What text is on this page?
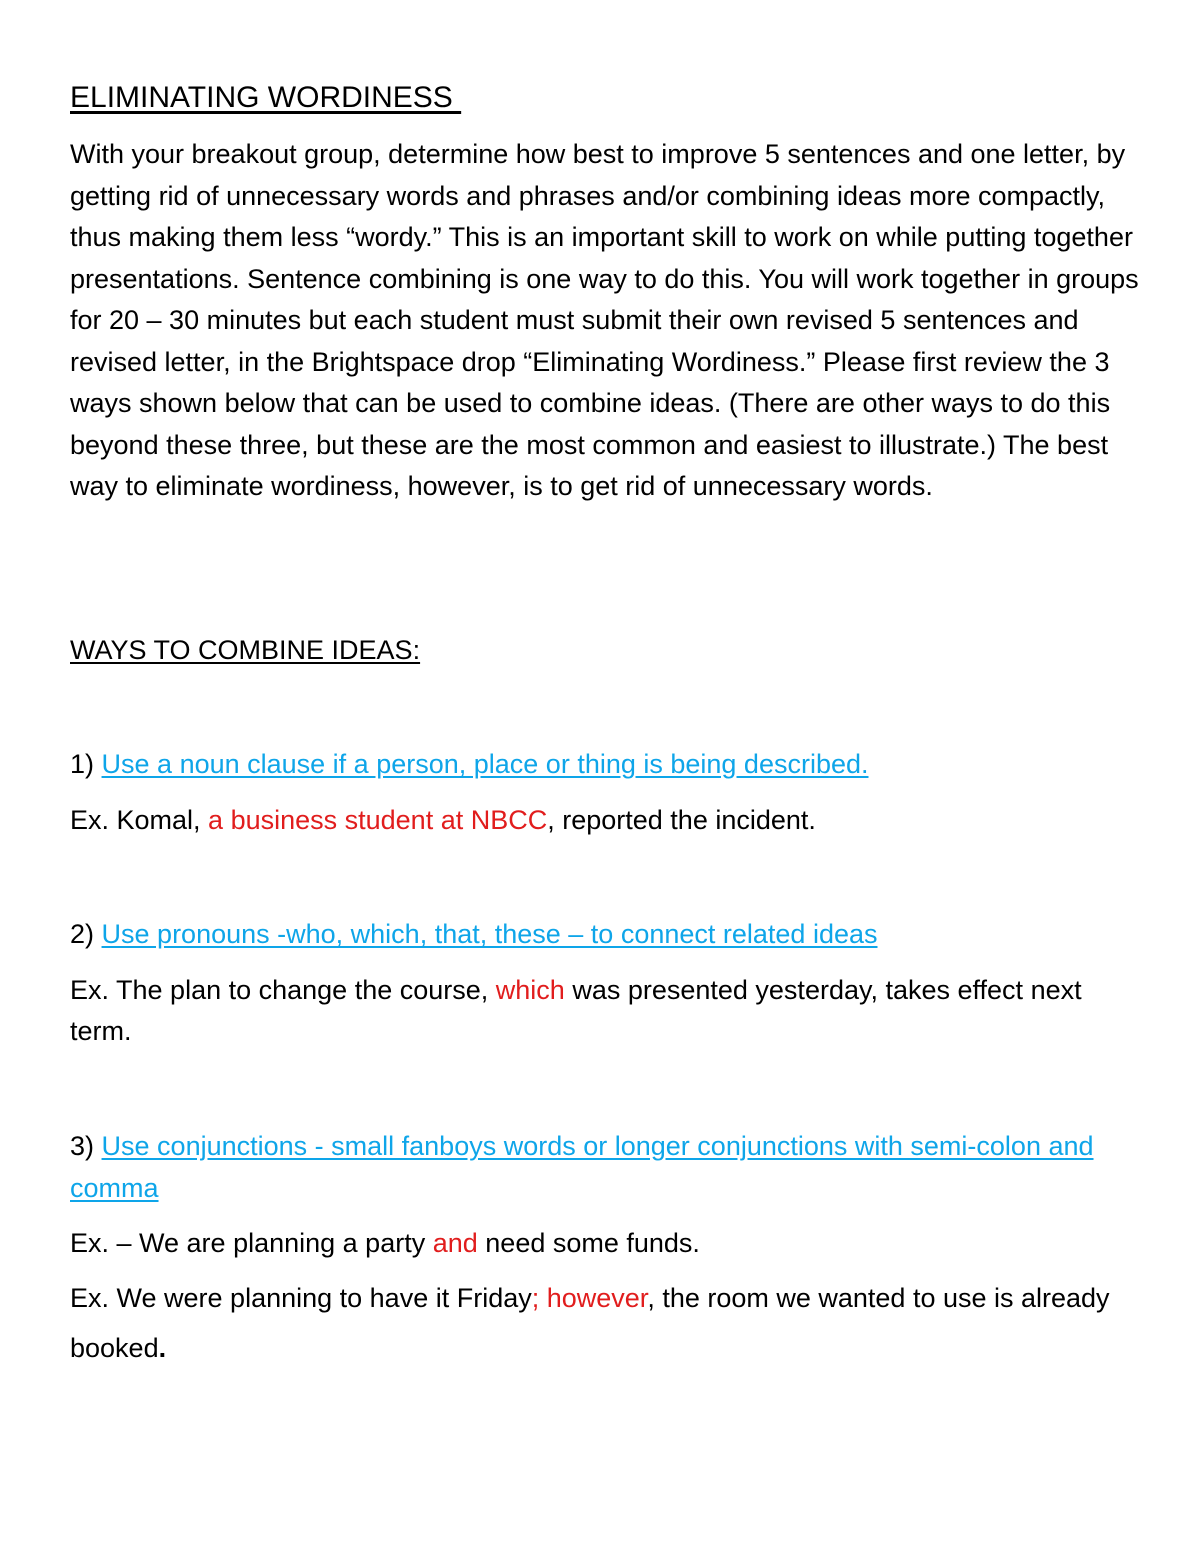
ELIMINATING WORDINESS

With your breakout group, determine how best to improve 5 sentences and one letter, by getting rid of unnecessary words and phrases and/or combining ideas more compactly, thus making them less “wordy.” This is an important skill to work on while putting together presentations. Sentence combining is one way to do this. You will work together in groups for 20 – 30 minutes but each student must submit their own revised 5 sentences and revised letter, in the Brightspace drop “Eliminating Wordiness.” Please first review the 3 ways shown below that can be used to combine ideas. (There are other ways to do this beyond these three, but these are the most common and easiest to illustrate.) The best way to eliminate wordiness, however, is to get rid of unnecessary words.

WAYS TO COMBINE IDEAS:

1) Use a noun clause if a person, place or thing is being described.

Ex. Komal, a business student at NBCC, reported the incident.

2) Use pronouns -who, which, that, these – to connect related ideas

Ex. The plan to change the course, which was presented yesterday, takes effect next term.

3) Use conjunctions - small fanboys words or longer conjunctions with semi-colon and comma

Ex. – We are planning a party and need some funds.

Ex. We were planning to have it Friday; however, the room we wanted to use is already booked.
